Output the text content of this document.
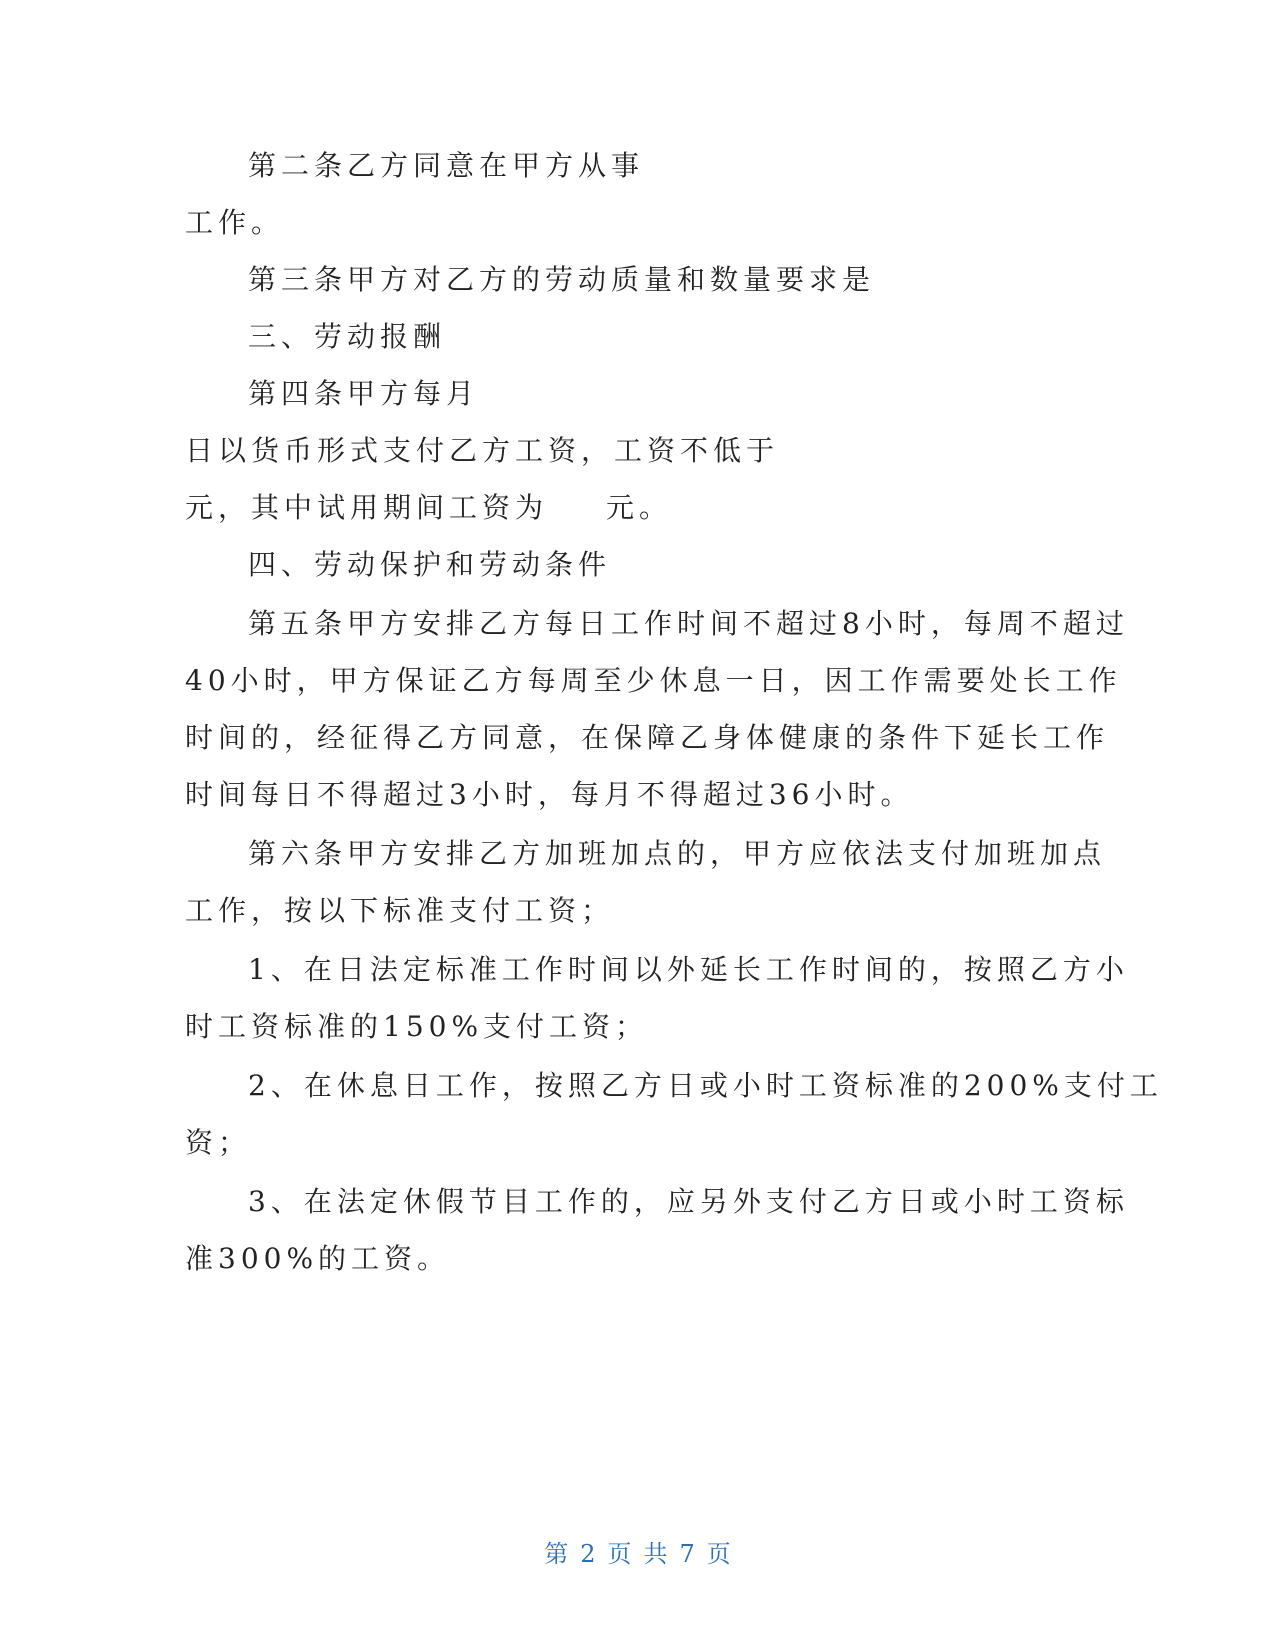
第二条乙方同意在甲方从事
工作。
第三条甲方对乙方的劳动质量和数量要求是
三、劳动报酬
第四条甲方每月
日以货币形式支付乙方工资，工资不低于
元，其中试用期间工资为 元。
四、劳动保护和劳动条件
第五条甲方安排乙方每日工作时间不超过8小时，每周不超过
40小时，甲方保证乙方每周至少休息一日，因工作需要处长工作
时间的，经征得乙方同意，在保障乙身体健康的条件下延长工作
时间每日不得超过3小时，每月不得超过36小时。
第六条甲方安排乙方加班加点的，甲方应依法支付加班加点
工作，按以下标准支付工资；
1、在日法定标准工作时间以外延长工作时间的，按照乙方小
时工资标准的150%支付工资；
2、在休息日工作，按照乙方日或小时工资标准的200%支付工
资；
3、在法定休假节目工作的，应另外支付乙方日或小时工资标
准300%的工资。
第 2 页 共 7 页
